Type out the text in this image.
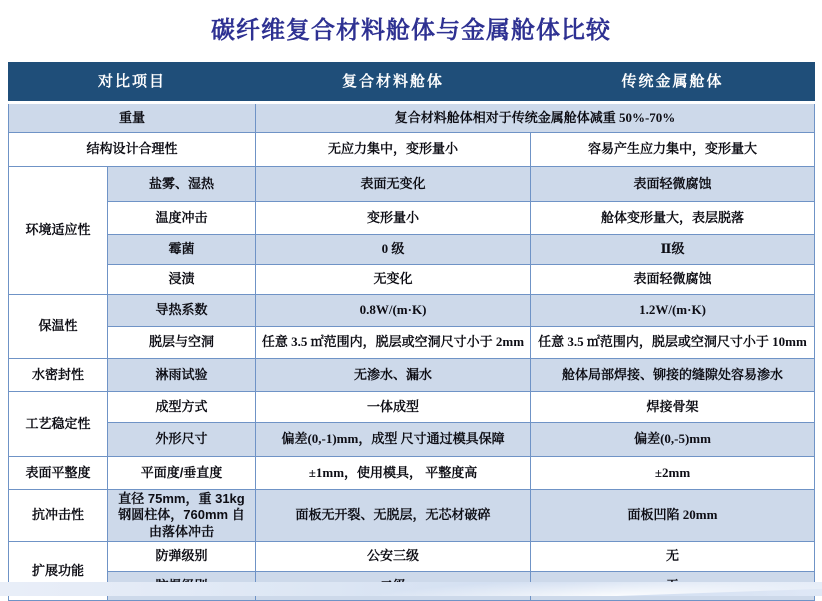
碳纤维复合材料舱体与金属舱体比较
对比项目		复合材料舱体	传统金属舱体
重量		复合材料舱体相对于传统金属舱体减重 50%-70%	
结构设计合理性		无应力集中，变形量小	容易产生应力集中，变形量大
环境适应性	盐雾、湿热	表面无变化	表面轻微腐蚀
	温度冲击	变形量小	舱体变形量大，表层脱落
	霉菌	0 级	Ⅱ级
	浸渍	无变化	表面轻微腐蚀
保温性	导热系数	0.8W/(m·K)	1.2W/(m·K)
	脱层与空洞	任意 3.5 ㎡范围内，脱层或空洞尺寸小于 2mm	任意 3.5 ㎡范围内，脱层或空洞尺寸小于 10mm
水密封性	淋雨试验	无渗水、漏水	舱体局部焊接、铆接的缝隙处容易渗水
工艺稳定性	成型方式	一体成型	焊接骨架
	外形尺寸	偏差(0,-1)mm，成型 尺寸通过模具保障	偏差(0,-5)mm
表面平整度	平面度/垂直度	±1mm，使用模具， 平整度高	±2mm
抗冲击性	直径 75mm，重 31kg 钢圆柱体，760mm 自由落体冲击	面板无开裂、无脱层，无芯材破碎	面板凹陷 20mm
扩展功能	防弹级别	公安三级	无
